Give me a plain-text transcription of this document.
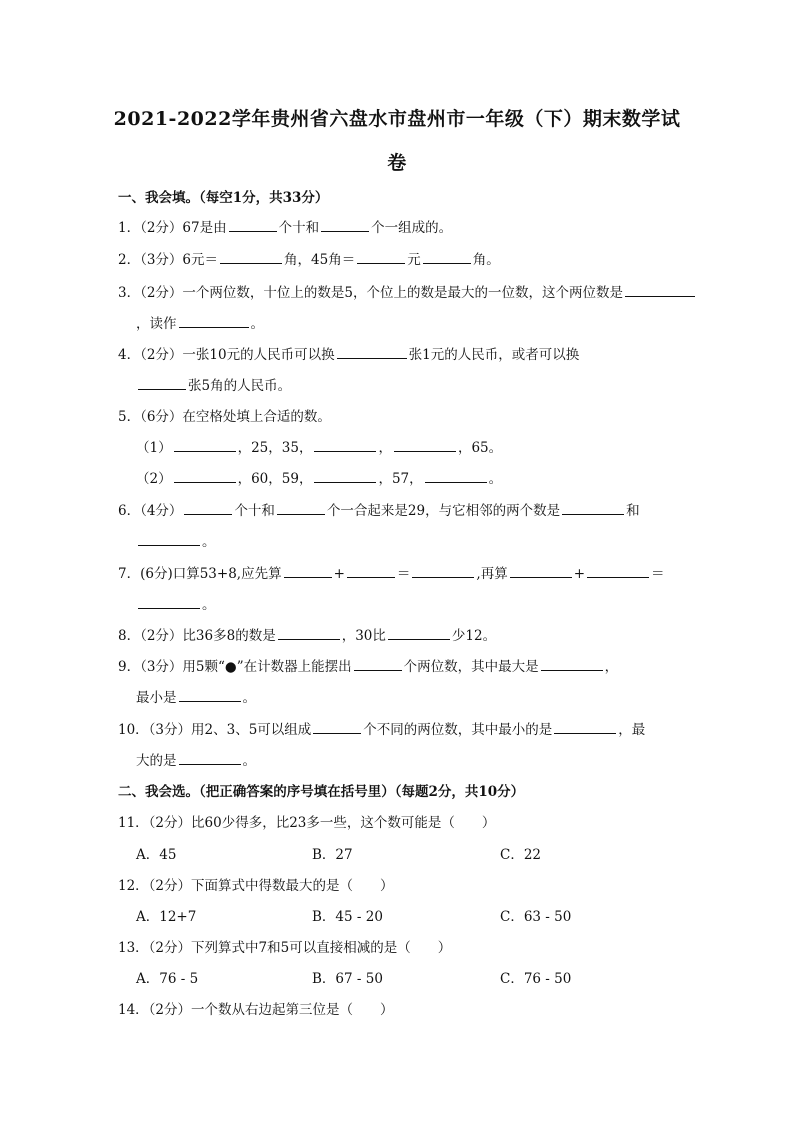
2021-2022学年贵州省六盘水市盘州市一年级（下）期末数学试
卷
一、我会填。（每空1分，共33分）
1．（2分）67是由	个十和	个一组成的。
2．（3分）6元＝	角，45角＝	元	角。
3．（2分）一个两位数，十位上的数是5，个位上的数是最大的一位数，这个两位数是
，读作	。
4．（2分）一张10元的人民币可以换	张1元的人民币，或者可以换
张5角的人民币。
5．（6分）在空格处填上合适的数。
（1）	，25，35，	，	，65。
（2）	，60，59，	，57，	。
6．（4分）	个十和	个一合起来是29，与它相邻的两个数是	和
。
7．(6分)口算53+8,应先算	+	＝	,再算	+	＝
。
8．（2分）比36多8的数是	，30比	少12。
9．（3分）用5颗“●”在计数器上能摆出	个两位数，其中最大是	，
最小是	。
10．（3分）用2、3、5可以组成	个不同的两位数，其中最小的是	，最
大的是	。
二、我会选。（把正确答案的序号填在括号里）（每题2分，共10分）
11．（2分）比60少得多，比23多一些，这个数可能是（　　）
A．45	B．27	C．22
12．（2分）下面算式中得数最大的是（　　）
A．12+7	B．45 - 20	C．63 - 50
13．（2分）下列算式中7和5可以直接相减的是（　　）
A．76 - 5	B．67 - 50	C．76 - 50
14．（2分）一个数从右边起第三位是（　　）
